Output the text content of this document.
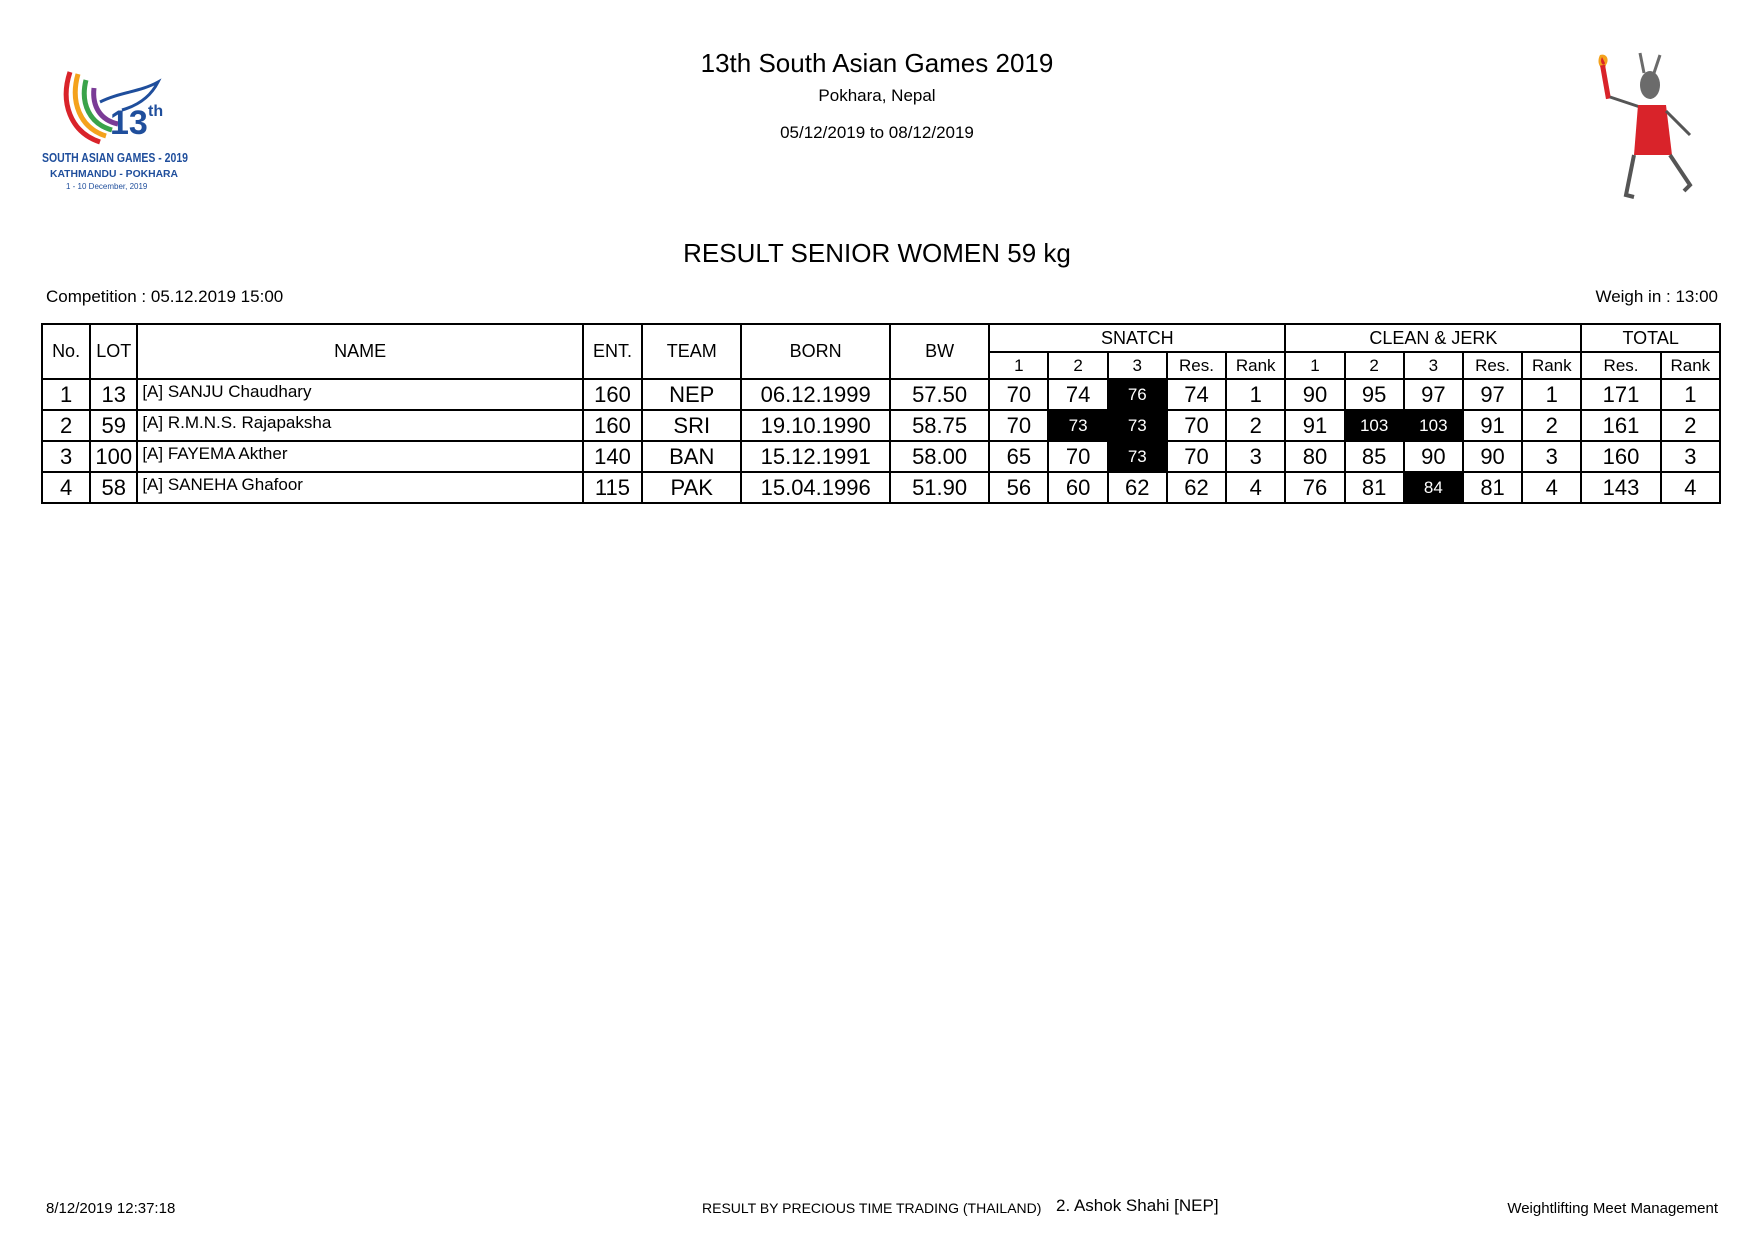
13 th
SOUTH ASIAN GAMES - 2019
KATHMANDU - POKHARA
1 - 10 December, 2019
13th South Asian Games 2019
Pokhara, Nepal
05/12/2019 to 08/12/2019
RESULT SENIOR WOMEN 59 kg
Competition : 05.12.2019 15:00	Weigh in : 13:00
No.	LOT	NAME	ENT.	TEAM	BORN	BW	SNATCH					CLEAN & JERK					TOTAL	
							1	2	3	Res.	Rank	1	2	3	Res.	Rank	Res.	Rank
1	13	[A] SANJU Chaudhary	160	NEP	06.12.1999	57.50	70	74	76	74	1	90	95	97	97	1	171	1
2	59	[A] R.M.N.S. Rajapaksha	160	SRI	19.10.1990	58.75	70	73	73	70	2	91	103	103	91	2	161	2
3	100	[A] FAYEMA Akther	140	BAN	15.12.1991	58.00	65	70	73	70	3	80	85	90	90	3	160	3
4	58	[A] SANEHA Ghafoor	115	PAK	15.04.1996	51.90	56	60	62	62	4	76	81	84	81	4	143	4
8/12/2019 12:37:18	RESULT BY PRECIOUS TIME TRADING (THAILAND) 2. Ashok Shahi [NEP]	Weightlifting Meet Management
